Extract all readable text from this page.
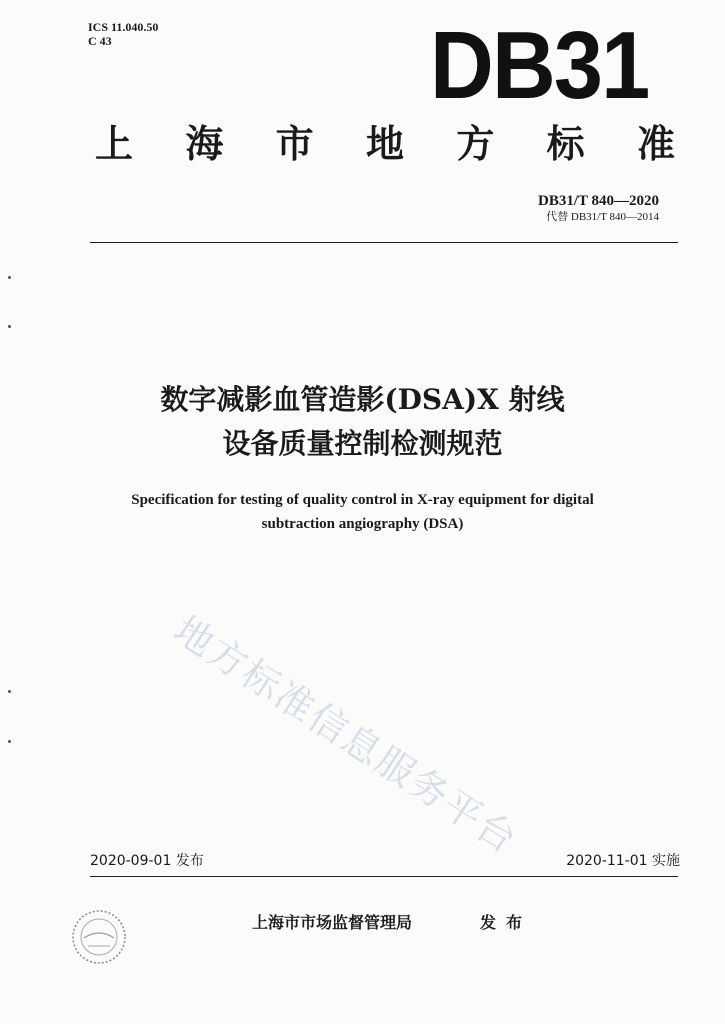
ICS 11.040.50
C 43	DB31
上 海 市 地 方 标 准
DB31/T 840—2020
代替 DB31/T 840—2014
数字减影血管造影(DSA)X 射线
设备质量控制检测规范
Specification for testing of quality control in X-ray equipment for digital
subtraction angiography (DSA)
地方标准信息服务平台
2020-09-01 发布	2020-11-01 实施
上海市市场监督管理局	发布
